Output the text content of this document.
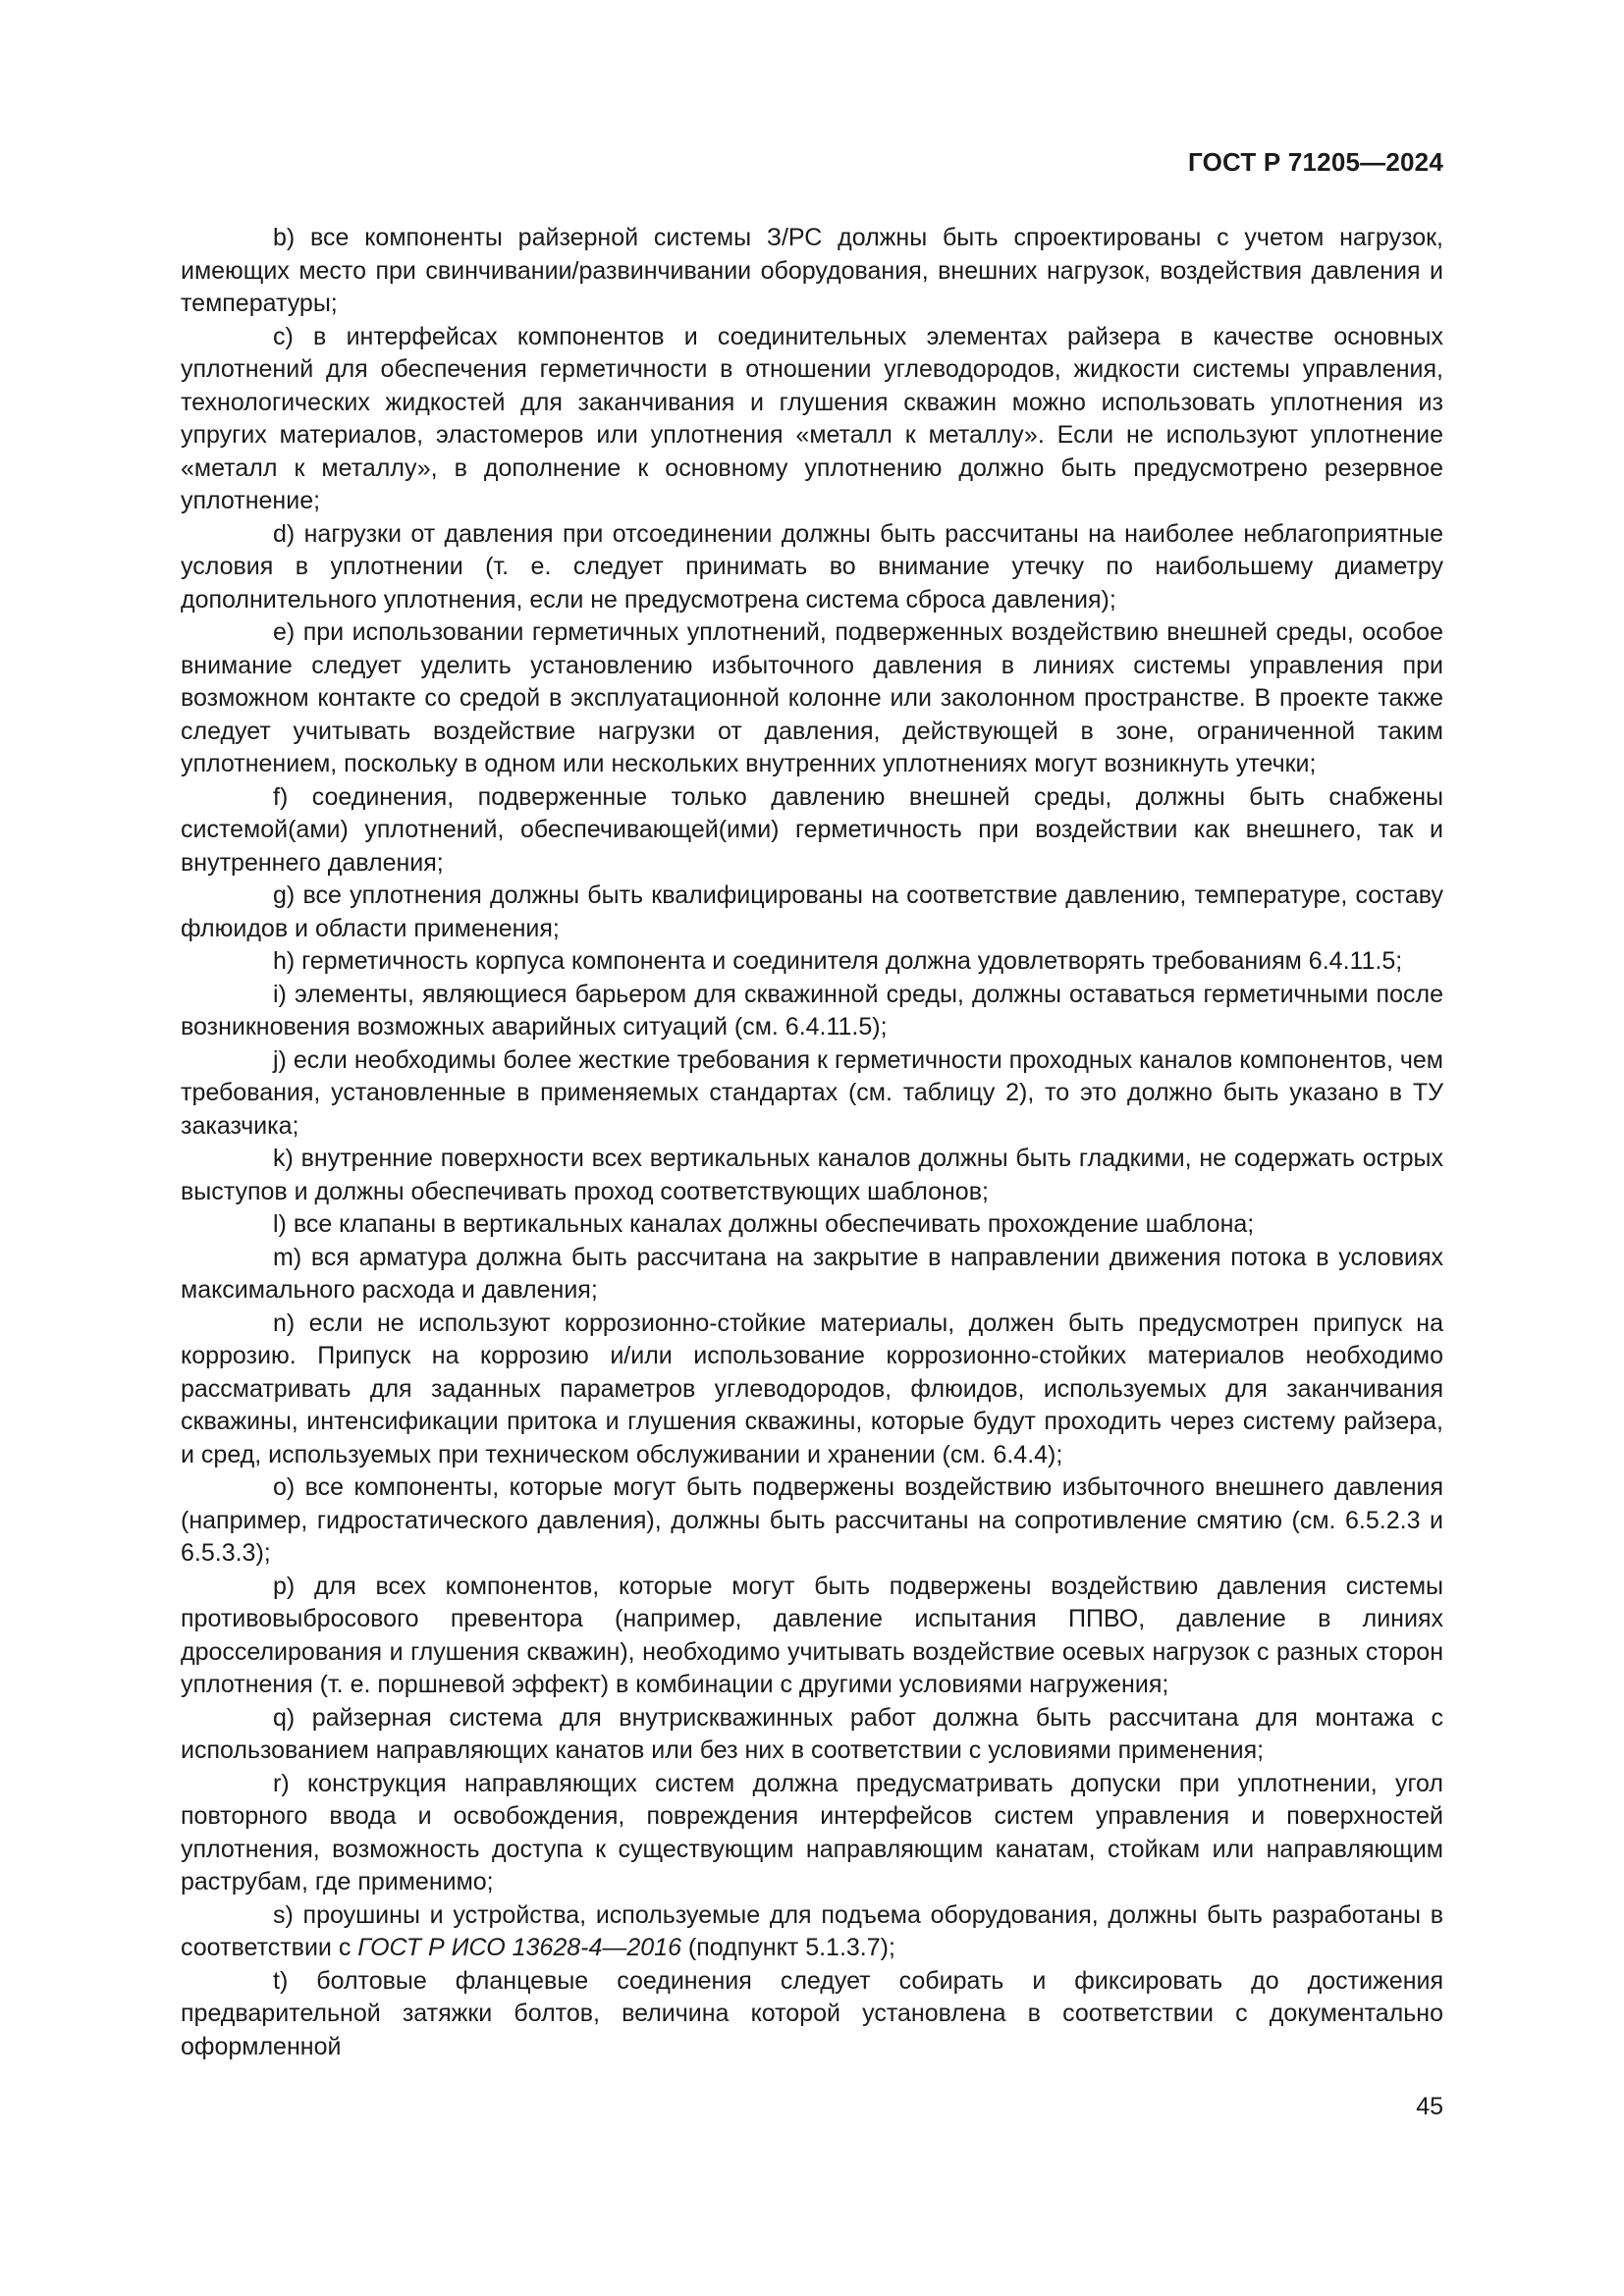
ГОСТ Р 71205—2024

b) все компоненты райзерной системы З/РС должны быть спроектированы с учетом нагрузок, имеющих место при свинчивании/развинчивании оборудования, внешних нагрузок, воздействия давления и температуры;

c) в интерфейсах компонентов и соединительных элементах райзера в качестве основных уплотнений для обеспечения герметичности в отношении углеводородов, жидкости системы управления, технологических жидкостей для заканчивания и глушения скважин можно использовать уплотнения из упругих материалов, эластомеров или уплотнения «металл к металлу». Если не используют уплотнение «металл к металлу», в дополнение к основному уплотнению должно быть предусмотрено резервное уплотнение;

d) нагрузки от давления при отсоединении должны быть рассчитаны на наиболее неблагоприятные условия в уплотнении (т. е. следует принимать во внимание утечку по наибольшему диаметру дополнительного уплотнения, если не предусмотрена система сброса давления);

e) при использовании герметичных уплотнений, подверженных воздействию внешней среды, особое внимание следует уделить установлению избыточного давления в линиях системы управления при возможном контакте со средой в эксплуатационной колонне или заколонном пространстве. В проекте также следует учитывать воздействие нагрузки от давления, действующей в зоне, ограниченной таким уплотнением, поскольку в одном или нескольких внутренних уплотнениях могут возникнуть утечки;

f) соединения, подверженные только давлению внешней среды, должны быть снабжены системой(ами) уплотнений, обеспечивающей(ими) герметичность при воздействии как внешнего, так и внутреннего давления;

g) все уплотнения должны быть квалифицированы на соответствие давлению, температуре, составу флюидов и области применения;

h) герметичность корпуса компонента и соединителя должна удовлетворять требованиям 6.4.11.5;

i) элементы, являющиеся барьером для скважинной среды, должны оставаться герметичными после возникновения возможных аварийных ситуаций (см. 6.4.11.5);

j) если необходимы более жесткие требования к герметичности проходных каналов компонентов, чем требования, установленные в применяемых стандартах (см. таблицу 2), то это должно быть указано в ТУ заказчика;

k) внутренние поверхности всех вертикальных каналов должны быть гладкими, не содержать острых выступов и должны обеспечивать проход соответствующих шаблонов;

l) все клапаны в вертикальных каналах должны обеспечивать прохождение шаблона;

m) вся арматура должна быть рассчитана на закрытие в направлении движения потока в условиях максимального расхода и давления;

n) если не используют коррозионно-стойкие материалы, должен быть предусмотрен припуск на коррозию. Припуск на коррозию и/или использование коррозионно-стойких материалов необходимо рассматривать для заданных параметров углеводородов, флюидов, используемых для заканчивания скважины, интенсификации притока и глушения скважины, которые будут проходить через систему райзера, и сред, используемых при техническом обслуживании и хранении (см. 6.4.4);

o) все компоненты, которые могут быть подвержены воздействию избыточного внешнего давления (например, гидростатического давления), должны быть рассчитаны на сопротивление смятию (см. 6.5.2.3 и 6.5.3.3);

p) для всех компонентов, которые могут быть подвержены воздействию давления системы противовыбросового превентора (например, давление испытания ППВО, давление в линиях дросселирования и глушения скважин), необходимо учитывать воздействие осевых нагрузок с разных сторон уплотнения (т. е. поршневой эффект) в комбинации с другими условиями нагружения;

q) райзерная система для внутрискважинных работ должна быть рассчитана для монтажа с использованием направляющих канатов или без них в соответствии с условиями применения;

r) конструкция направляющих систем должна предусматривать допуски при уплотнении, угол повторного ввода и освобождения, повреждения интерфейсов систем управления и поверхностей уплотнения, возможность доступа к существующим направляющим канатам, стойкам или направляющим раструбам, где применимо;

s) проушины и устройства, используемые для подъема оборудования, должны быть разработаны в соответствии с ГОСТ Р ИСО 13628-4—2016 (подпункт 5.1.3.7);

t) болтовые фланцевые соединения следует собирать и фиксировать до достижения предварительной затяжки болтов, величина которой установлена в соответствии с документально оформленной

45
